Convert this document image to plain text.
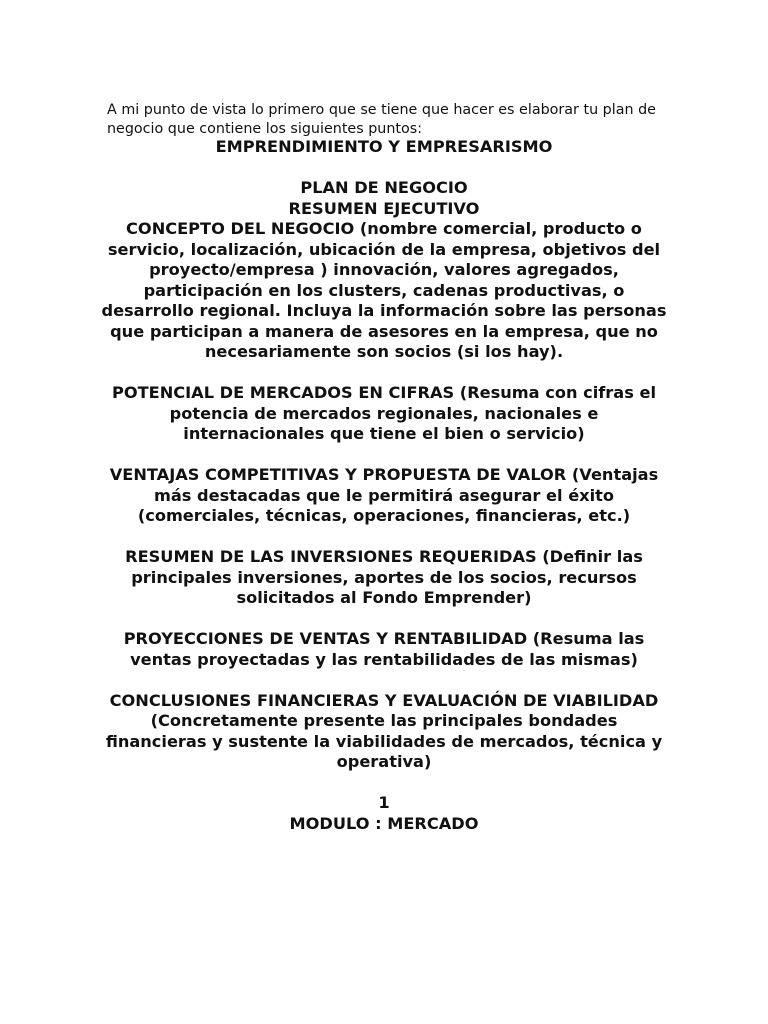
A mi punto de vista lo primero que se tiene que hacer es elaborar tu plan de negocio que contiene los siguientes puntos:

EMPRENDIMIENTO Y EMPRESARISMO

PLAN DE NEGOCIO

RESUMEN EJECUTIVO

CONCEPTO DEL NEGOCIO (nombre comercial, producto o servicio, localización, ubicación de la empresa, objetivos del proyecto/empresa ) innovación, valores agregados, participación en los clusters, cadenas productivas, o desarrollo regional. Incluya la información sobre las personas que participan a manera de asesores en la empresa, que no necesariamente son socios (si los hay).

POTENCIAL DE MERCADOS EN CIFRAS (Resuma con cifras el potencia de mercados regionales, nacionales e internacionales que tiene el bien o servicio)

VENTAJAS COMPETITIVAS Y PROPUESTA DE VALOR (Ventajas más destacadas que le permitirá asegurar el éxito (comerciales, técnicas, operaciones, financieras, etc.)

RESUMEN DE LAS INVERSIONES REQUERIDAS (Definir las principales inversiones, aportes de los socios, recursos solicitados al Fondo Emprender)

PROYECCIONES DE VENTAS Y RENTABILIDAD (Resuma las ventas proyectadas y las rentabilidades de las mismas)

CONCLUSIONES FINANCIERAS Y EVALUACIÓN DE VIABILIDAD (Concretamente presente las principales bondades financieras y sustente la viabilidades de mercados, técnica y operativa)

1

MODULO : MERCADO
